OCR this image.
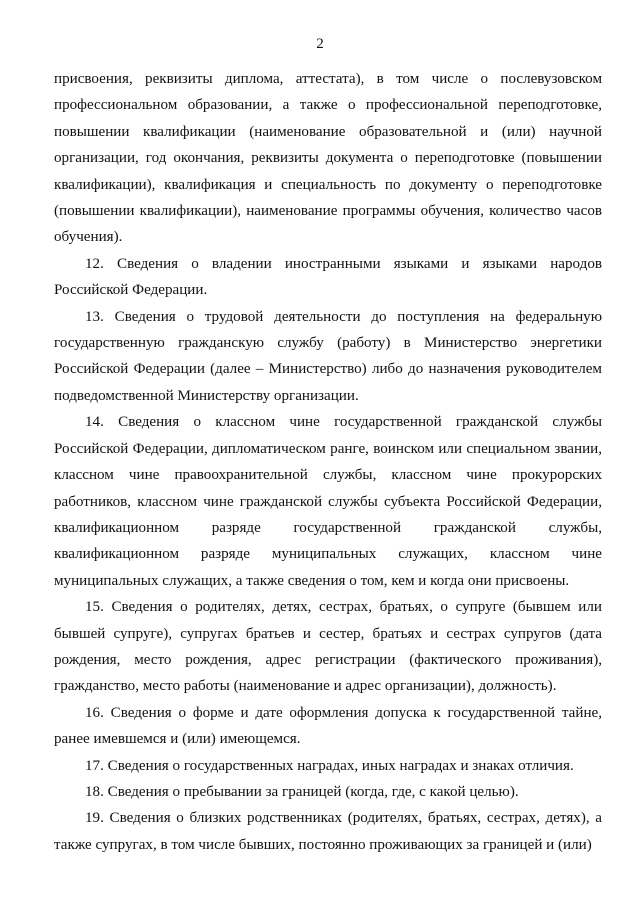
2

присвоения, реквизиты диплома, аттестата), в том числе о послевузовском профессиональном образовании, а также о профессиональной переподготовке, повышении квалификации (наименование образовательной и (или) научной организации, год окончания, реквизиты документа о переподготовке (повышении квалификации), квалификация и специальность по документу о переподготовке (повышении квалификации), наименование программы обучения, количество часов обучения).

12. Сведения о владении иностранными языками и языками народов Российской Федерации.

13. Сведения о трудовой деятельности до поступления на федеральную государственную гражданскую службу (работу) в Министерство энергетики Российской Федерации (далее – Министерство) либо до назначения руководителем подведомственной Министерству организации.

14. Сведения о классном чине государственной гражданской службы Российской Федерации, дипломатическом ранге, воинском или специальном звании, классном чине правоохранительной службы, классном чине прокурорских работников, классном чине гражданской службы субъекта Российской Федерации, квалификационном разряде государственной гражданской службы, квалификационном разряде муниципальных служащих, классном чине муниципальных служащих, а также сведения о том, кем и когда они присвоены.

15. Сведения о родителях, детях, сестрах, братьях, о супруге (бывшем или бывшей супруге), супругах братьев и сестер, братьях и сестрах супругов (дата рождения, место рождения, адрес регистрации (фактического проживания), гражданство, место работы (наименование и адрес организации), должность).

16. Сведения о форме и дате оформления допуска к государственной тайне, ранее имевшемся и (или) имеющемся.

17. Сведения о государственных наградах, иных наградах и знаках отличия.

18. Сведения о пребывании за границей (когда, где, с какой целью).

19. Сведения о близких родственниках (родителях, братьях, сестрах, детях), а также супругах, в том числе бывших, постоянно проживающих за границей и (или)
